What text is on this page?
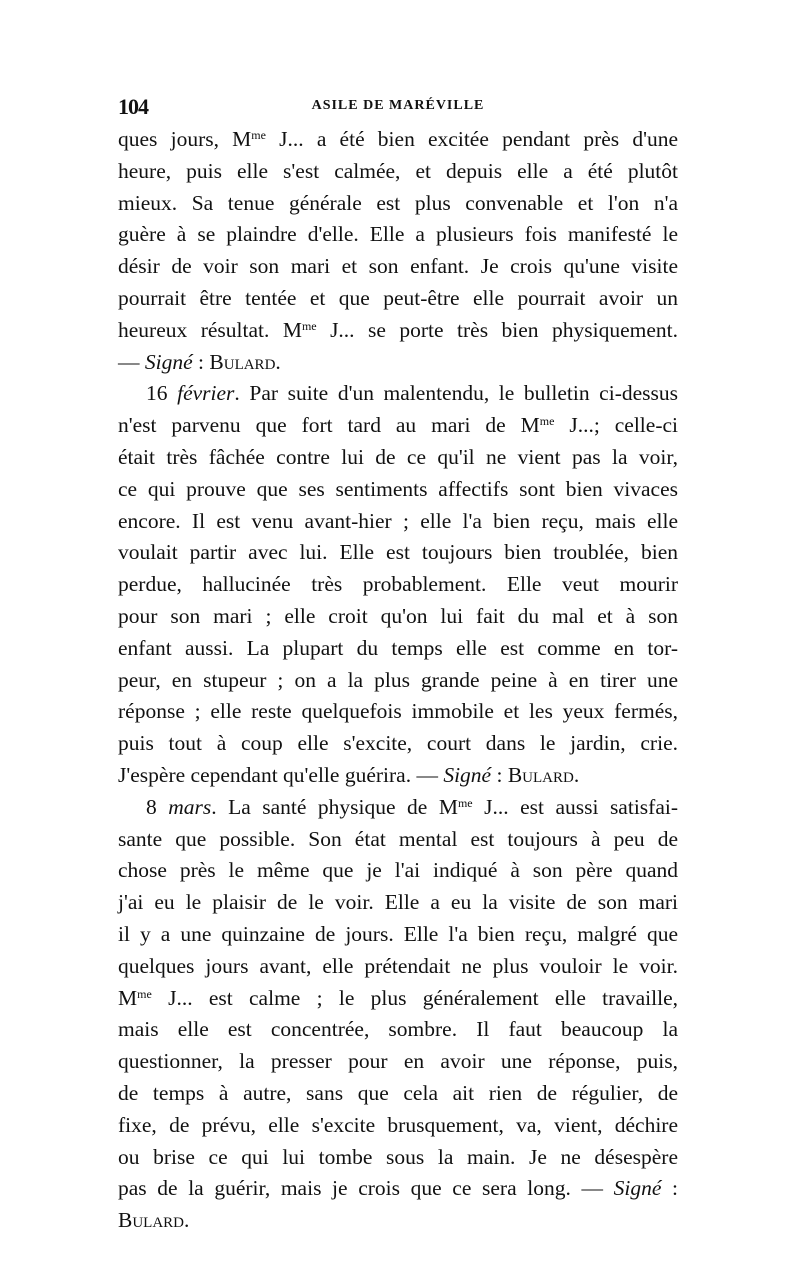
104	ASILE DE MARÉVILLE
ques jours, $M^{me}$ J... a été bien excitée pendant près d'une
heure, puis elle s'est calmée, et depuis elle a été plutôt
mieux. Sa tenue générale est plus convenable et l'on n'a
guère à se plaindre d'elle. Elle a plusieurs fois manifesté le
désir de voir son mari et son enfant. Je crois qu'une visite
pourrait être tentée et que peut-être elle pourrait avoir un
heureux résultat. $M^{me}$ J... se porte très bien physiquement.
— Signé : Bulard.
16 février. Par suite d'un malentendu, le bulletin ci-dessus
n'est parvenu que fort tard au mari de $M^{me}$ J...; celle-ci
était très fâchée contre lui de ce qu'il ne vient pas la voir,
ce qui prouve que ses sentiments affectifs sont bien vivaces
encore. Il est venu avant-hier ; elle l'a bien reçu, mais elle
voulait partir avec lui. Elle est toujours bien troublée, bien
perdue, hallucinée très probablement. Elle veut mourir
pour son mari ; elle croit qu'on lui fait du mal et à son
enfant aussi. La plupart du temps elle est comme en tor-
peur, en stupeur ; on a la plus grande peine à en tirer une
réponse ; elle reste quelquefois immobile et les yeux fermés,
puis tout à coup elle s'excite, court dans le jardin, crie.
J'espère cependant qu'elle guérira. — Signé : Bulard.
8 mars. La santé physique de $M^{me}$ J... est aussi satisfai-
sante que possible. Son état mental est toujours à peu de
chose près le même que je l'ai indiqué à son père quand
j'ai eu le plaisir de le voir. Elle a eu la visite de son mari
il y a une quinzaine de jours. Elle l'a bien reçu, malgré que
quelques jours avant, elle prétendait ne plus vouloir le voir.
$M^{me}$ J... est calme ; le plus généralement elle travaille,
mais elle est concentrée, sombre. Il faut beaucoup la
questionner, la presser pour en avoir une réponse, puis,
de temps à autre, sans que cela ait rien de régulier, de
fixe, de prévu, elle s'excite brusquement, va, vient, déchire
ou brise ce qui lui tombe sous la main. Je ne désespère
pas de la guérir, mais je crois que ce sera long. — Signé :
Bulard.
